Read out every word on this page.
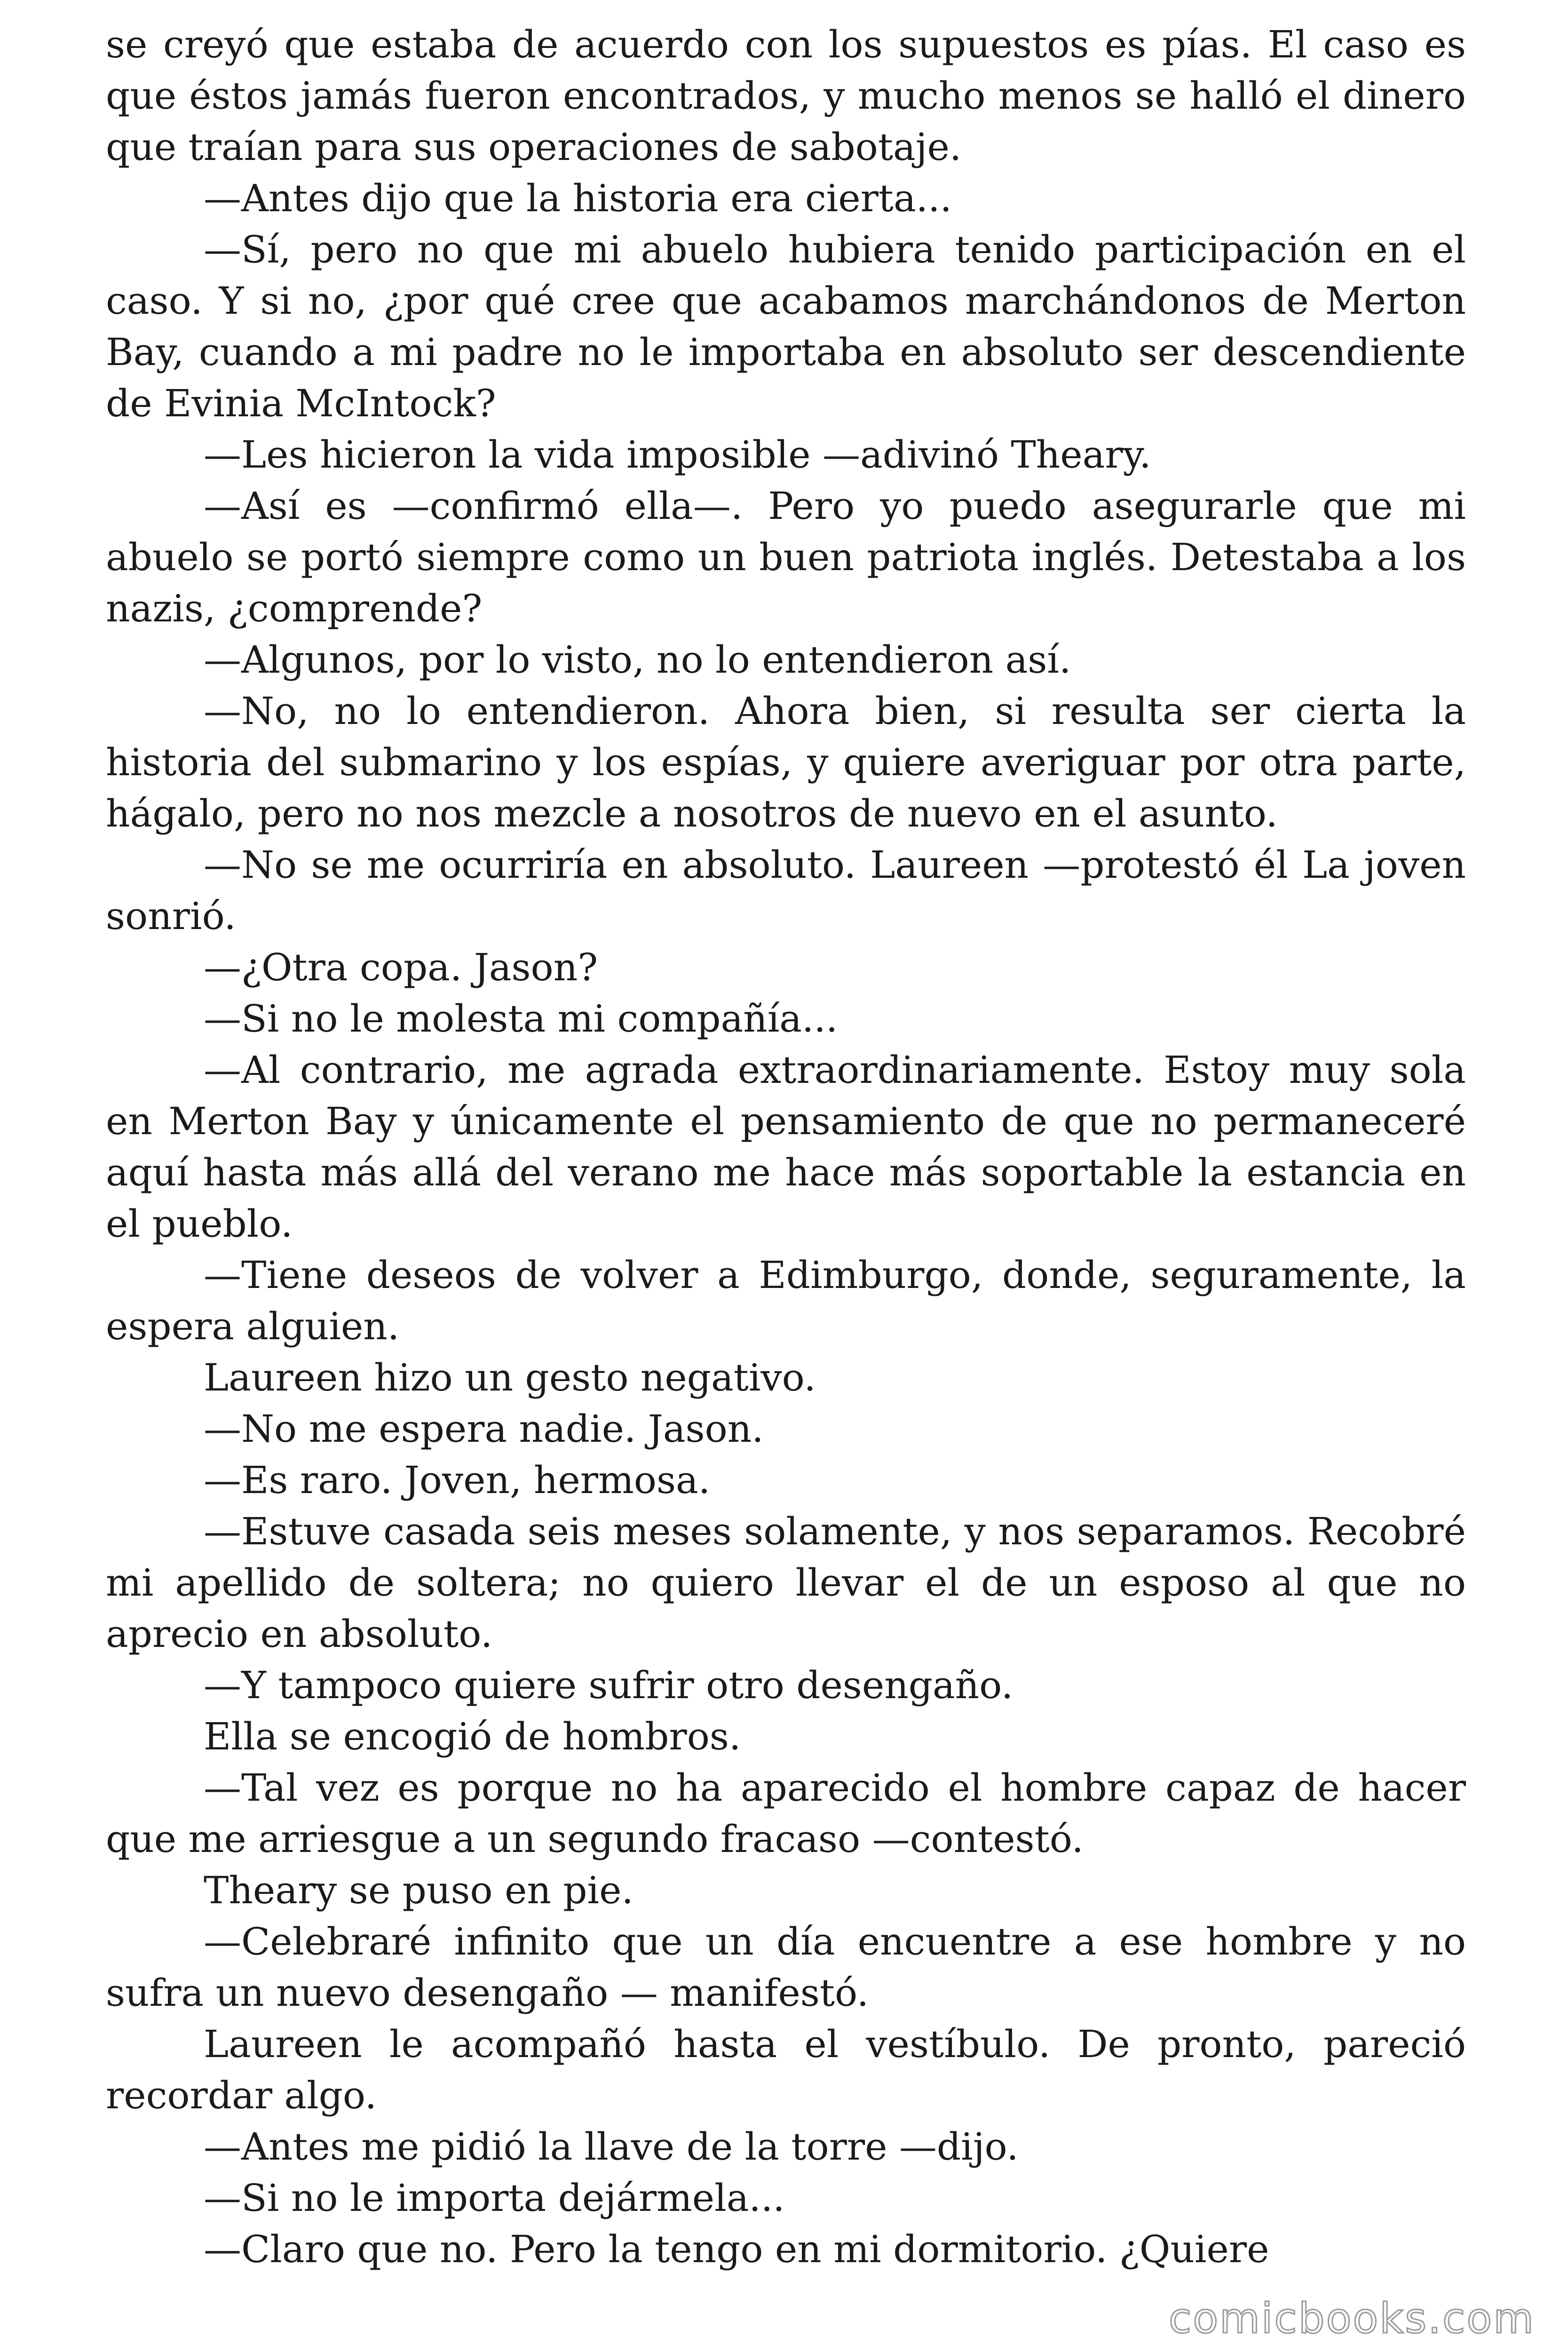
se creyó que estaba de acuerdo con los supuestos es pías. El caso es que éstos jamás fueron encontrados, y mucho menos se halló el dinero que traían para sus operaciones de sabotaje.

—Antes dijo que la historia era cierta...

—Sí, pero no que mi abuelo hubiera tenido participación en el caso. Y si no, ¿por qué cree que acabamos marchándonos de Merton Bay, cuando a mi padre no le importaba en absoluto ser descendiente de Evinia McIntock?

—Les hicieron la vida imposible —adivinó Theary.

—Así es —confirmó ella—. Pero yo puedo asegurarle que mi abuelo se portó siempre como un buen patriota inglés. Detestaba a los nazis, ¿comprende?

—Algunos, por lo visto, no lo entendieron así.

—No, no lo entendieron. Ahora bien, si resulta ser cierta la historia del submarino y los espías, y quiere averiguar por otra parte, hágalo, pero no nos mezcle a nosotros de nuevo en el asunto.

—No se me ocurriría en absoluto. Laureen —protestó él La joven sonrió.

—¿Otra copa. Jason?

—Si no le molesta mi compañía...

—Al contrario, me agrada extraordinariamente. Estoy muy sola en Merton Bay y únicamente el pensamiento de que no permaneceré aquí hasta más allá del verano me hace más soportable la estancia en el pueblo.

—Tiene deseos de volver a Edimburgo, donde, seguramente, la espera alguien.

Laureen hizo un gesto negativo.

—No me espera nadie. Jason.

—Es raro. Joven, hermosa.

—Estuve casada seis meses solamente, y nos separamos. Recobré mi apellido de soltera; no quiero llevar el de un esposo al que no aprecio en absoluto.

—Y tampoco quiere sufrir otro desengaño.

Ella se encogió de hombros.

—Tal vez es porque no ha aparecido el hombre capaz de hacer que me arriesgue a un segundo fracaso —contestó.

Theary se puso en pie.

—Celebraré infinito que un día encuentre a ese hombre y no sufra un nuevo desengaño — manifestó.

Laureen le acompañó hasta el vestíbulo. De pronto, pareció recordar algo.

—Antes me pidió la llave de la torre —dijo.

—Si no le importa dejármela...

—Claro que no. Pero la tengo en mi dormitorio. ¿Quiere

comicbooks.com
